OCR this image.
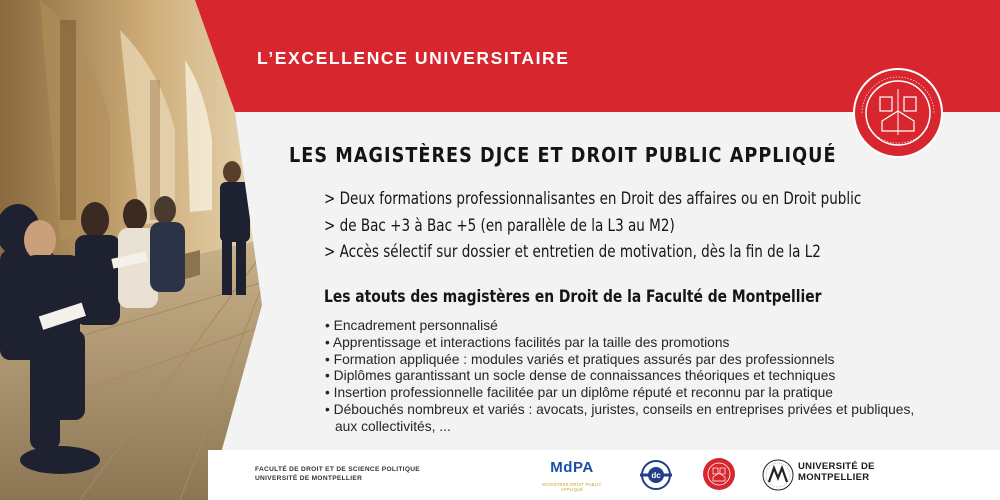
L’EXCELLENCE UNIVERSITAIRE
LES MAGISTÈRES DJCE ET DROIT PUBLIC APPLIQUÉ
> Deux formations professionnalisantes en Droit des affaires ou en Droit public
> de Bac +3 à Bac +5 (en parallèle de la L3 au M2)
> Accès sélectif sur dossier et entretien de motivation, dès la fin de la L2
Les atouts des magistères en Droit de la Faculté de Montpellier
• Encadrement personnalisé
• Apprentissage et interactions facilités par la taille des promotions
• Formation appliquée : modules variés et pratiques assurés par des professionnels
• Diplômes garantissant un socle dense de connaissances théoriques et techniques
• Insertion professionnelle facilitée par un diplôme réputé et reconnu par la pratique
• Débouchés nombreux et variés : avocats, juristes, conseils en entreprises privées et publiques,
aux collectivités, ...
FACULTÉ DE DROIT ET DE SCIENCE POLITIQUE
UNIVERSITÉ DE MONTPELLIER
MdPA
MAGISTÈRE DROIT PUBLIC APPLIQUÉ
dc
UNIVERSITÉ DE
MONTPELLIER
